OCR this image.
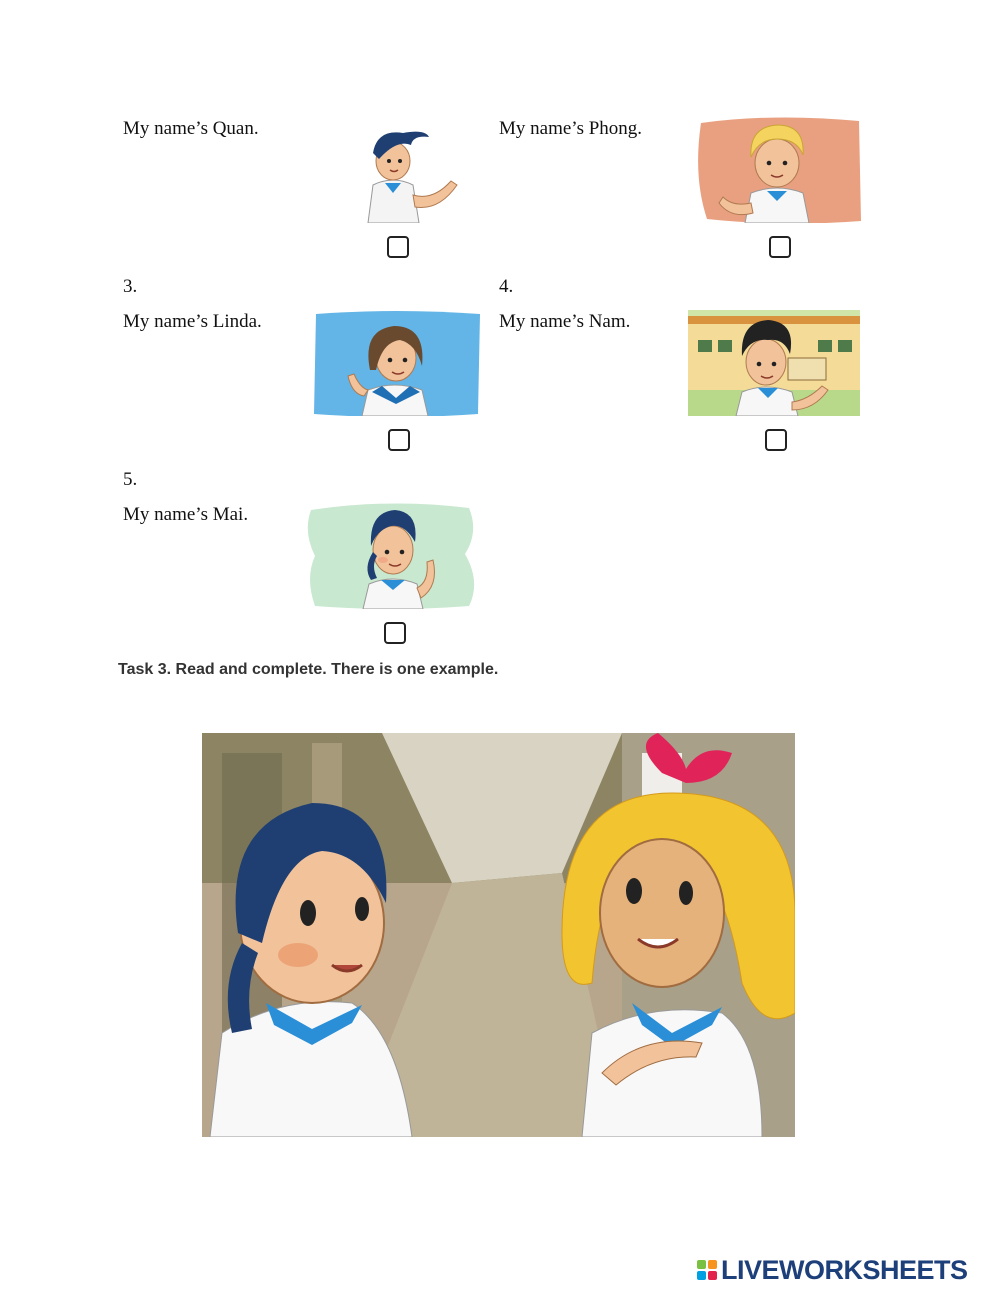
My name’s Quan.	My name’s Phong.
3.
My name’s Linda.
4.
My name’s Nam.
5.
My name’s Mai.
Task 3. Read and complete. There is one example.
LIVEWORKSHEETS
